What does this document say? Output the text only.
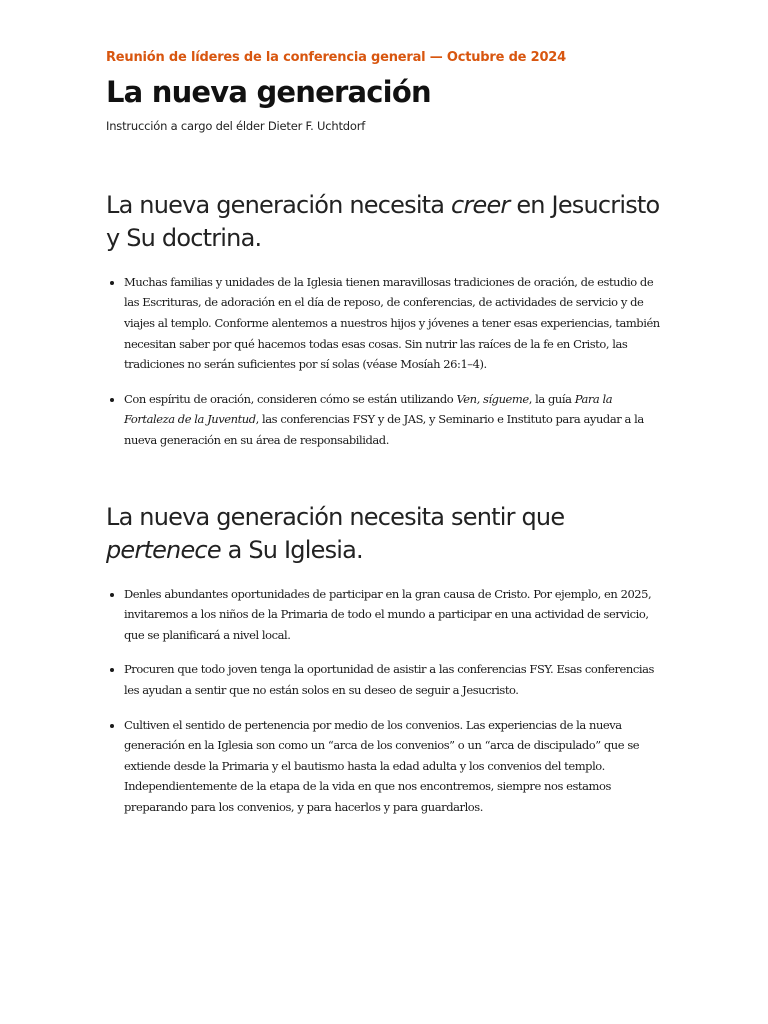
Reunión de líderes de la conferencia general — Octubre de 2024

La nueva generación

Instrucción a cargo del élder Dieter F. Uchtdorf

La nueva generación necesita creer en Jesucristo y Su doctrina.
• Muchas familias y unidades de la Iglesia tienen maravillosas tradiciones de oración, de estudio de las Escrituras, de adoración en el día de reposo, de conferencias, de actividades de servicio y de viajes al templo. Conforme alentemos a nuestros hijos y jóvenes a tener esas experiencias, también necesitan saber por qué hacemos todas esas cosas. Sin nutrir las raíces de la fe en Cristo, las tradiciones no serán suficientes por sí solas (véase Mosíah 26:1–4).
• Con espíritu de oración, consideren cómo se están utilizando Ven, sígueme, la guía Para la Fortaleza de la Juventud, las conferencias FSY y de JAS, y Seminario e Instituto para ayudar a la nueva generación en su área de responsabilidad.
La nueva generación necesita sentir que pertenece a Su Iglesia.
• Denles abundantes oportunidades de participar en la gran causa de Cristo. Por ejemplo, en 2025, invitaremos a los niños de la Primaria de todo el mundo a participar en una actividad de servicio, que se planificará a nivel local.
• Procuren que todo joven tenga la oportunidad de asistir a las conferencias FSY. Esas conferencias les ayudan a sentir que no están solos en su deseo de seguir a Jesucristo.
• Cultiven el sentido de pertenencia por medio de los convenios. Las experiencias de la nueva generación en la Iglesia son como un “arca de los convenios” o un “arca de discipulado” que se extiende desde la Primaria y el bautismo hasta la edad adulta y los convenios del templo. Independientemente de la etapa de la vida en que nos encontremos, siempre nos estamos preparando para los convenios, y para hacerlos y para guardarlos.
